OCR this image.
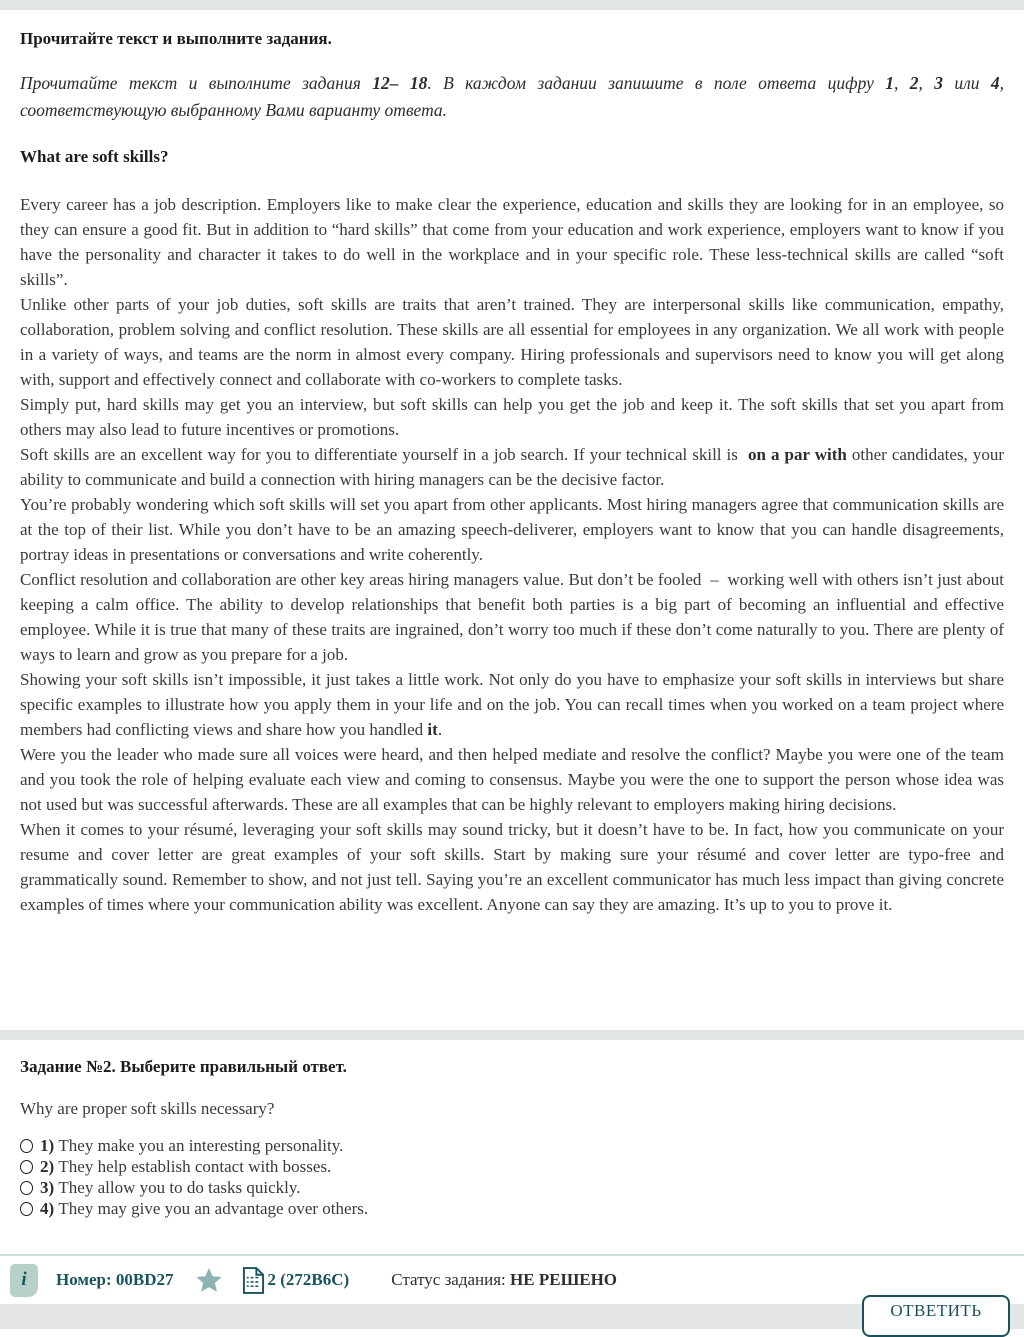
Прочитайте текст и выполните задания.

Прочитайте текст и выполните задания 12– 18. В каждом задании запишите в поле ответа цифру 1, 2, 3 или 4, соответствующую выбранному Вами варианту ответа.

What are soft skills?

Every career has a job description. Employers like to make clear the experience, education and skills they are looking for in an employee, so they can ensure a good fit. But in addition to “hard skills” that come from your education and work experience, employers want to know if you have the personality and character it takes to do well in the workplace and in your specific role. These less-technical skills are called “soft skills”.

Unlike other parts of your job duties, soft skills are traits that aren’t trained. They are interpersonal skills like communication, empathy, collaboration, problem solving and conflict resolution. These skills are all essential for employees in any organization. We all work with people in a variety of ways, and teams are the norm in almost every company. Hiring professionals and supervisors need to know you will get along with, support and effectively connect and collaborate with co-workers to complete tasks.

Simply put, hard skills may get you an interview, but soft skills can help you get the job and keep it. The soft skills that set you apart from others may also lead to future incentives or promotions.

Soft skills are an excellent way for you to differentiate yourself in a job search. If your technical skill is  on a par with other candidates, your ability to communicate and build a connection with hiring managers can be the decisive factor.

You’re probably wondering which soft skills will set you apart from other applicants. Most hiring managers agree that communication skills are at the top of their list. While you don’t have to be an amazing speech-deliverer, employers want to know that you can handle disagreements, portray ideas in presentations or conversations and write coherently.

Conflict resolution and collaboration are other key areas hiring managers value. But don’t be fooled  –  working well with others isn’t just about keeping a calm office. The ability to develop relationships that benefit both parties is a big part of becoming an influential and effective employee. While it is true that many of these traits are ingrained, don’t worry too much if these don’t come naturally to you. There are plenty of ways to learn and grow as you prepare for a job.

Showing your soft skills isn’t impossible, it just takes a little work. Not only do you have to emphasize your soft skills in interviews but share specific examples to illustrate how you apply them in your life and on the job. You can recall times when you worked on a team project where members had conflicting views and share how you handled it.

Were you the leader who made sure all voices were heard, and then helped mediate and resolve the conflict? Maybe you were one of the team and you took the role of helping evaluate each view and coming to consensus. Maybe you were the one to support the person whose idea was not used but was successful afterwards. These are all examples that can be highly relevant to employers making hiring decisions.

When it comes to your résumé, leveraging your soft skills may sound tricky, but it doesn’t have to be. In fact, how you communicate on your resume and cover letter are great examples of your soft skills. Start by making sure your résumé and cover letter are typo-free and grammatically sound. Remember to show, and not just tell. Saying you’re an excellent communicator has much less impact than giving concrete examples of times where your communication ability was excellent. Anyone can say they are amazing. It’s up to you to prove it.

Задание №2. Выберите правильный ответ.

Why are proper soft skills necessary?

1) They make you an interesting personality.
2) They help establish contact with bosses.
3) They allow you to do tasks quickly.
4) They may give you an advantage over others.
i	Номер: 00BD27	2 (272B6C) Статус задания: НЕ РЕШЕНО
ОТВЕТИТЬ
